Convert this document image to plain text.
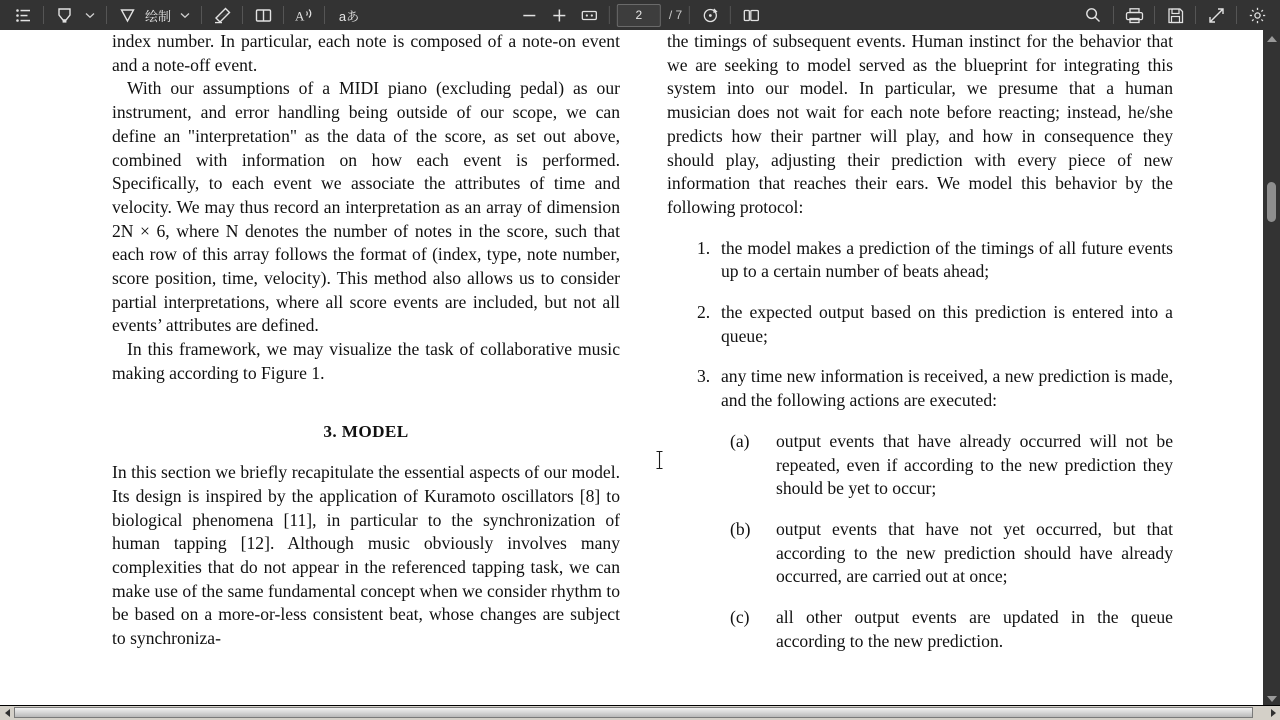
绘制	A	aあ	2	/ 7

index number. In particular, each note is composed of a note-on event and a note-off event.

With our assumptions of a MIDI piano (excluding pedal) as our instrument, and error handling being outside of our scope, we can define an "interpretation" as the data of the score, as set out above, combined with information on how each event is performed. Specifically, to each event we associate the attributes of time and velocity. We may thus record an interpretation as an array of dimension 2N × 6, where N denotes the number of notes in the score, such that each row of this array follows the format of (index, type, note number, score position, time, velocity). This method also allows us to consider partial interpretations, where all score events are included, but not all events’ attributes are defined.

In this framework, we may visualize the task of collaborative music making according to Figure 1.

3. MODEL

In this section we briefly recapitulate the essential aspects of our model. Its design is inspired by the application of Kuramoto oscillators [8] to biological phenomena [11], in particular to the synchronization of human tapping [12]. Although music obviously involves many complexities that do not appear in the referenced tapping task, we can make use of the same fundamental concept when we consider rhythm to be based on a more-or-less consistent beat, whose changes are subject to synchroniza-

the timings of subsequent events. Human instinct for the behavior that we are seeking to model served as the blueprint for integrating this system into our model. In particular, we presume that a human musician does not wait for each note before reacting; instead, he/she predicts how their partner will play, and how in consequence they should play, adjusting their prediction with every piece of new information that reaches their ears. We model this behavior by the following protocol:

1. the model makes a prediction of the timings of all future events up to a certain number of beats ahead;
2. the expected output based on this prediction is entered into a queue;
3. any time new information is received, a new prediction is made, and the following actions are executed:
(a)	output events that have already occurred will not be repeated, even if according to the new prediction they should be yet to occur;
(b)	output events that have not yet occurred, but that according to the new prediction should have already occurred, are carried out at once;
(c)	all other output events are updated in the queue according to the new prediction.
